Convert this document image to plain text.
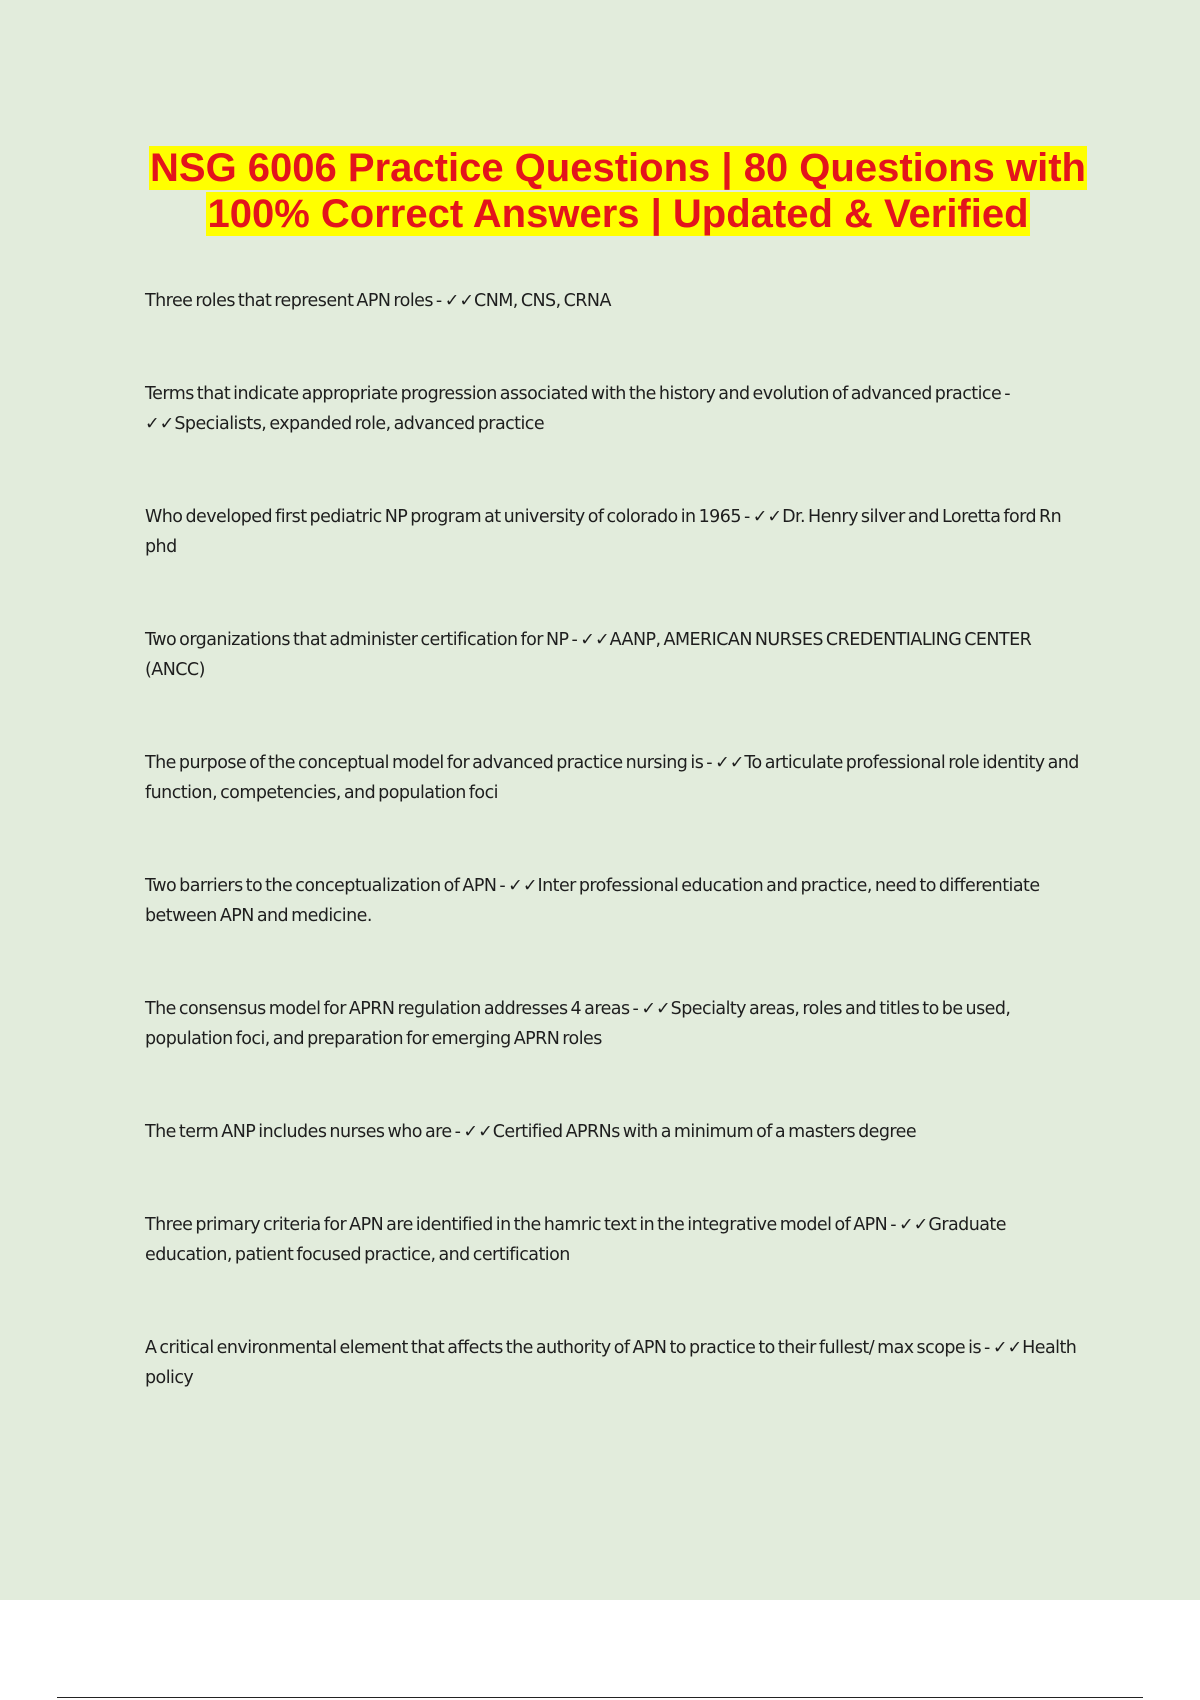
NSG 6006 Practice Questions | 80 Questions with
100% Correct Answers | Updated & Verified
Three roles that represent APN roles - ✓✓CNM, CNS, CRNA
Terms that indicate appropriate progression associated with the history and evolution of advanced practice - ✓✓Specialists, expanded role, advanced practice
Who developed first pediatric NP program at university of colorado in 1965 - ✓✓Dr. Henry silver and Loretta ford Rn phd
Two organizations that administer certification for NP - ✓✓AANP, AMERICAN NURSES CREDENTIALING CENTER (ANCC)
The purpose of the conceptual model for advanced practice nursing is - ✓✓To articulate professional role identity and function, competencies, and population foci
Two barriers to the conceptualization of APN - ✓✓Inter professional education and practice, need to differentiate between APN and medicine.
The consensus model for APRN regulation addresses 4 areas - ✓✓Specialty areas, roles and titles to be used, population foci, and preparation for emerging APRN roles
The term ANP includes nurses who are - ✓✓Certified APRNs with a minimum of a masters degree
Three primary criteria for APN are identified in the hamric text in the integrative model of APN - ✓✓Graduate education, patient focused practice, and certification
A critical environmental element that affects the authority of APN to practice to their fullest/ max scope is - ✓✓Health policy
